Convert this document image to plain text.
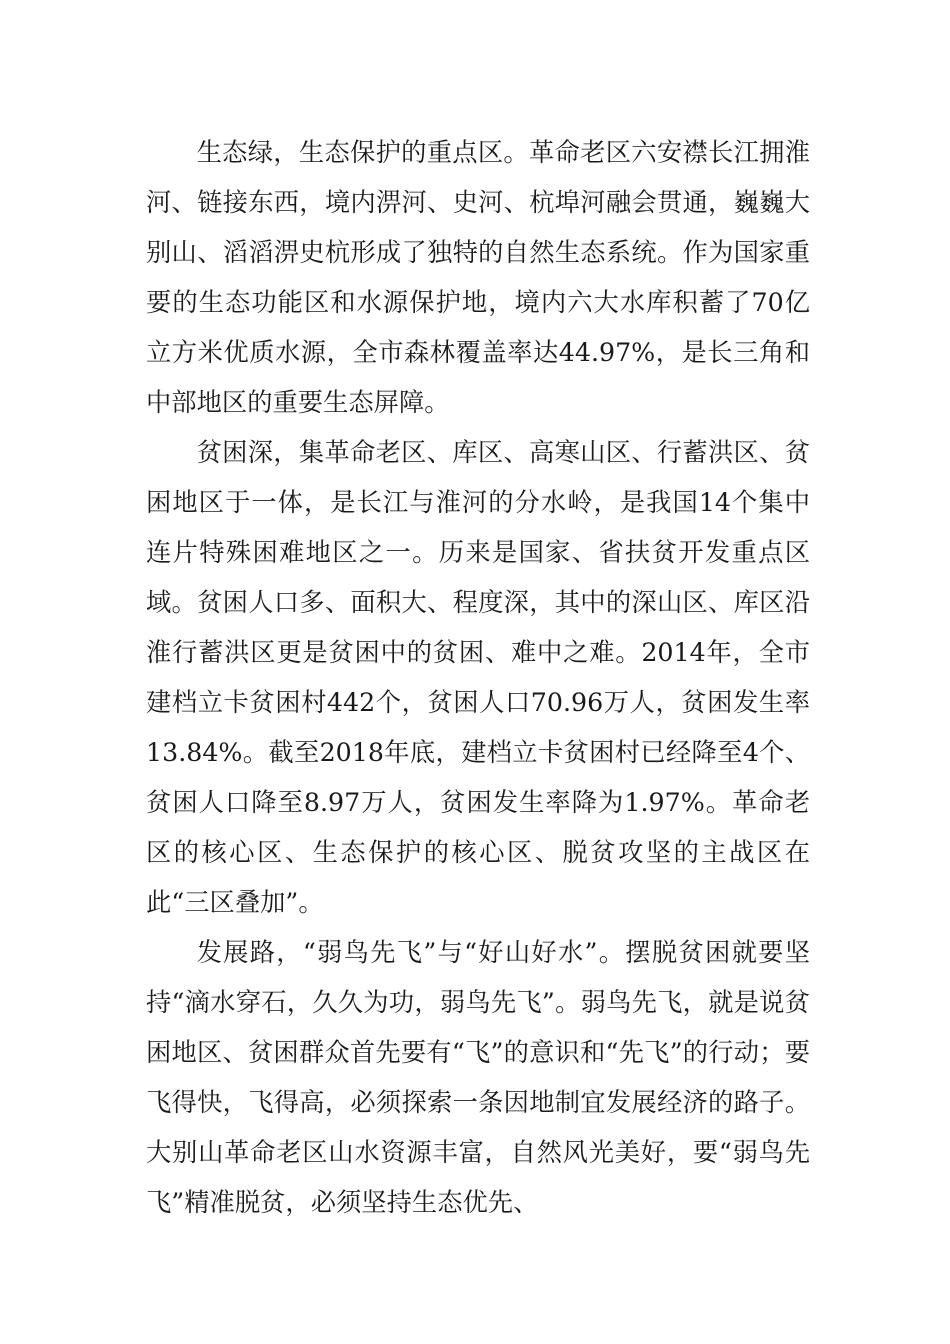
生态绿，生态保护的重点区。革命老区六安襟长江拥淮河、链接东西，境内淠河、史河、杭埠河融会贯通，巍巍大别山、滔滔淠史杭形成了独特的自然生态系统。作为国家重要的生态功能区和水源保护地，境内六大水库积蓄了70亿立方米优质水源，全市森林覆盖率达44.97%，是长三角和中部地区的重要生态屏障。

贫困深，集革命老区、库区、高寒山区、行蓄洪区、贫困地区于一体，是长江与淮河的分水岭，是我国14个集中连片特殊困难地区之一。历来是国家、省扶贫开发重点区域。贫困人口多、面积大、程度深，其中的深山区、库区沿淮行蓄洪区更是贫困中的贫困、难中之难。2014年，全市建档立卡贫困村442个，贫困人口70.96万人，贫困发生率13.84%。截至2018年底，建档立卡贫困村已经降至4个、贫困人口降至8.97万人，贫困发生率降为1.97%。革命老区的核心区、生态保护的核心区、脱贫攻坚的主战区在此“三区叠加”。

发展路，“弱鸟先飞”与“好山好水”。摆脱贫困就要坚持“滴水穿石，久久为功，弱鸟先飞”。弱鸟先飞，就是说贫困地区、贫困群众首先要有“飞”的意识和“先飞”的行动；要飞得快，飞得高，必须探索一条因地制宜发展经济的路子。大别山革命老区山水资源丰富，自然风光美好，要“弱鸟先飞”精准脱贫，必须坚持生态优先、
